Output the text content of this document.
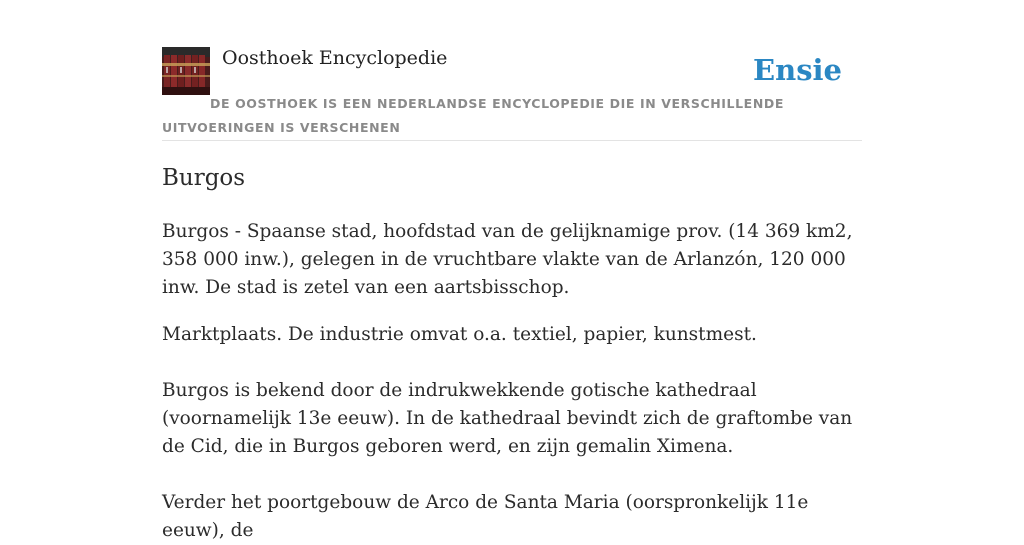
Oosthoek Encyclopedie	Ensie
DE OOSTHOEK IS EEN NEDERLANDSE ENCYCLOPEDIE DIE IN VERSCHILLENDE UITVOERINGEN IS VERSCHENEN
Burgos

Burgos - Spaanse stad, hoofdstad van de gelijknamige prov. (14 369 km2, 358 000 inw.), gelegen in de vruchtbare vlakte van de Arlanzón, 120 000 inw. De stad is zetel van een aartsbisschop.

Marktplaats. De industrie omvat o.a. textiel, papier, kunstmest.

Burgos is bekend door de indrukwekkende gotische kathedraal (voornamelijk 13e eeuw). In de kathedraal bevindt zich de graftombe van de Cid, die in Burgos geboren werd, en zijn gemalin Ximena.

Verder het poortgebouw de Arco de Santa Maria (oorspronkelijk 11e eeuw), de
